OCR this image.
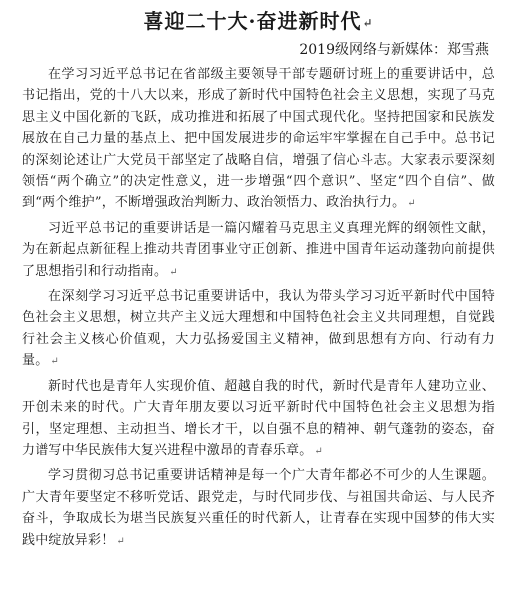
喜迎二十大·奋进新时代↵
2019级网络与新媒体：郑雪燕

在学习习近平总书记在省部级主要领导干部专题研讨班上的重要讲话中，总书记指出，党的十八大以来，形成了新时代中国特色社会主义思想，实现了马克思主义中国化新的飞跃，成功推进和拓展了中国式现代化。坚持把国家和民族发展放在自己力量的基点上、把中国发展进步的命运牢牢掌握在自己手中。总书记的深刻论述让广大党员干部坚定了战略自信，增强了信心斗志。大家表示要深刻领悟“两个确立”的决定性意义，进一步增强“四个意识”、坚定“四个自信”、做到“两个维护”，不断增强政治判断力、政治领悟力、政治执行力。 ↵

习近平总书记的重要讲话是一篇闪耀着马克思主义真理光辉的纲领性文献，为在新起点新征程上推动共青团事业守正创新、推进中国青年运动蓬勃向前提供了思想指引和行动指南。 ↵

在深刻学习习近平总书记重要讲话中，我认为带头学习习近平新时代中国特色社会主义思想，树立共产主义远大理想和中国特色社会主义共同理想，自觉践行社会主义核心价值观，大力弘扬爱国主义精神，做到思想有方向、行动有力量。 ↵

新时代也是青年人实现价值、超越自我的时代，新时代是青年人建功立业、开创未来的时代。广大青年朋友要以习近平新时代中国特色社会主义思想为指引，坚定理想、主动担当、增长才干，以自强不息的精神、朝气蓬勃的姿态，奋力谱写中华民族伟大复兴进程中激昂的青春乐章。 ↵

学习贯彻习总书记重要讲话精神是每一个广大青年都必不可少的人生课题。广大青年要坚定不移听党话、跟党走，与时代同步伐、与祖国共命运、与人民齐奋斗，争取成长为堪当民族复兴重任的时代新人，让青春在实现中国梦的伟大实践中绽放异彩！ ↵
